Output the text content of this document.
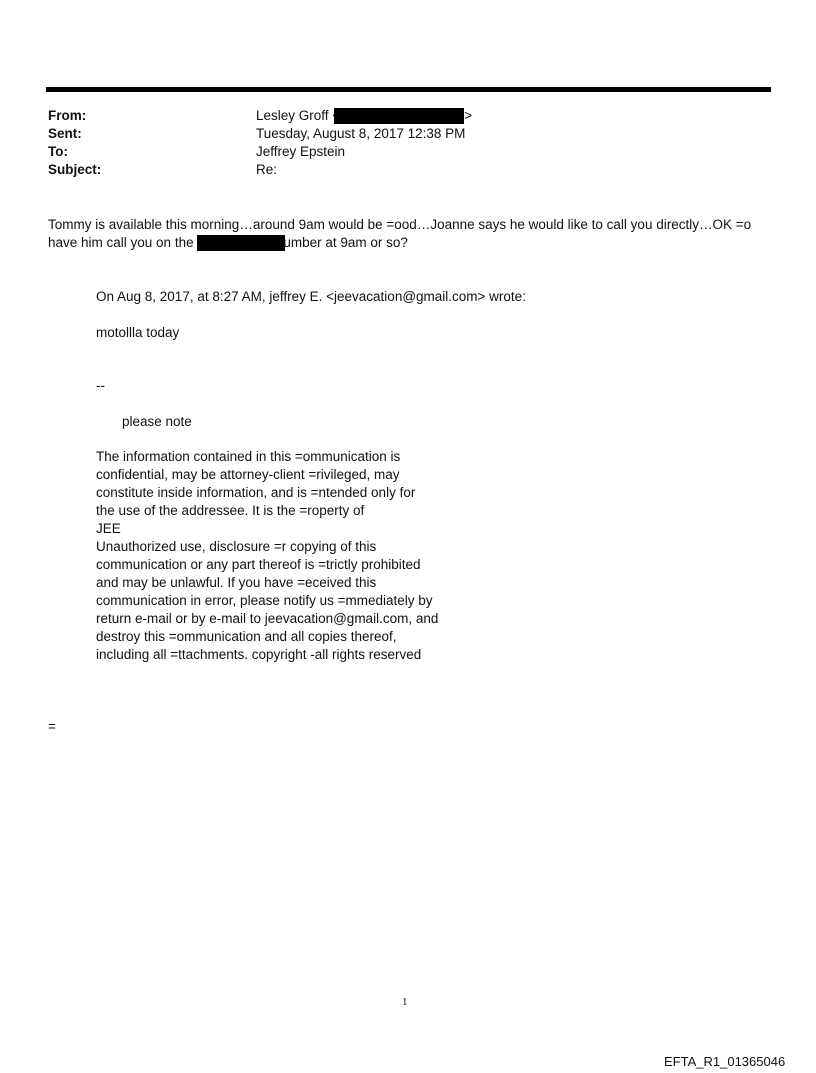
From:	Lesley Groff	>
Sent:	Tuesday, August 8, 2017 12:38 PM
To:	Jeffrey Epstein
Subject:	Re:
Tommy is available this morning…around 9am would be =ood…Joanne says he would like to call you directly…OK =o
have him call you on the	umber at 9am or so?
On Aug 8, 2017, at 8:27 AM, jeffrey E. <jeevacation@gmail.com> wrote:
motollla today
--
please note
The information contained in this =ommunication is
confidential, may be attorney-client =rivileged, may
constitute inside information, and is =ntended only for
the use of the addressee. It is the =roperty of
JEE
Unauthorized use, disclosure =r copying of this
communication or any part thereof is =trictly prohibited
and may be unlawful. If you have =eceived this
communication in error, please notify us =mmediately by
return e-mail or by e-mail to jeevacation@gmail.com, and
destroy this =ommunication and all copies thereof,
including all =ttachments. copyright -all rights reserved
=
1
EFTA_R1_01365046
